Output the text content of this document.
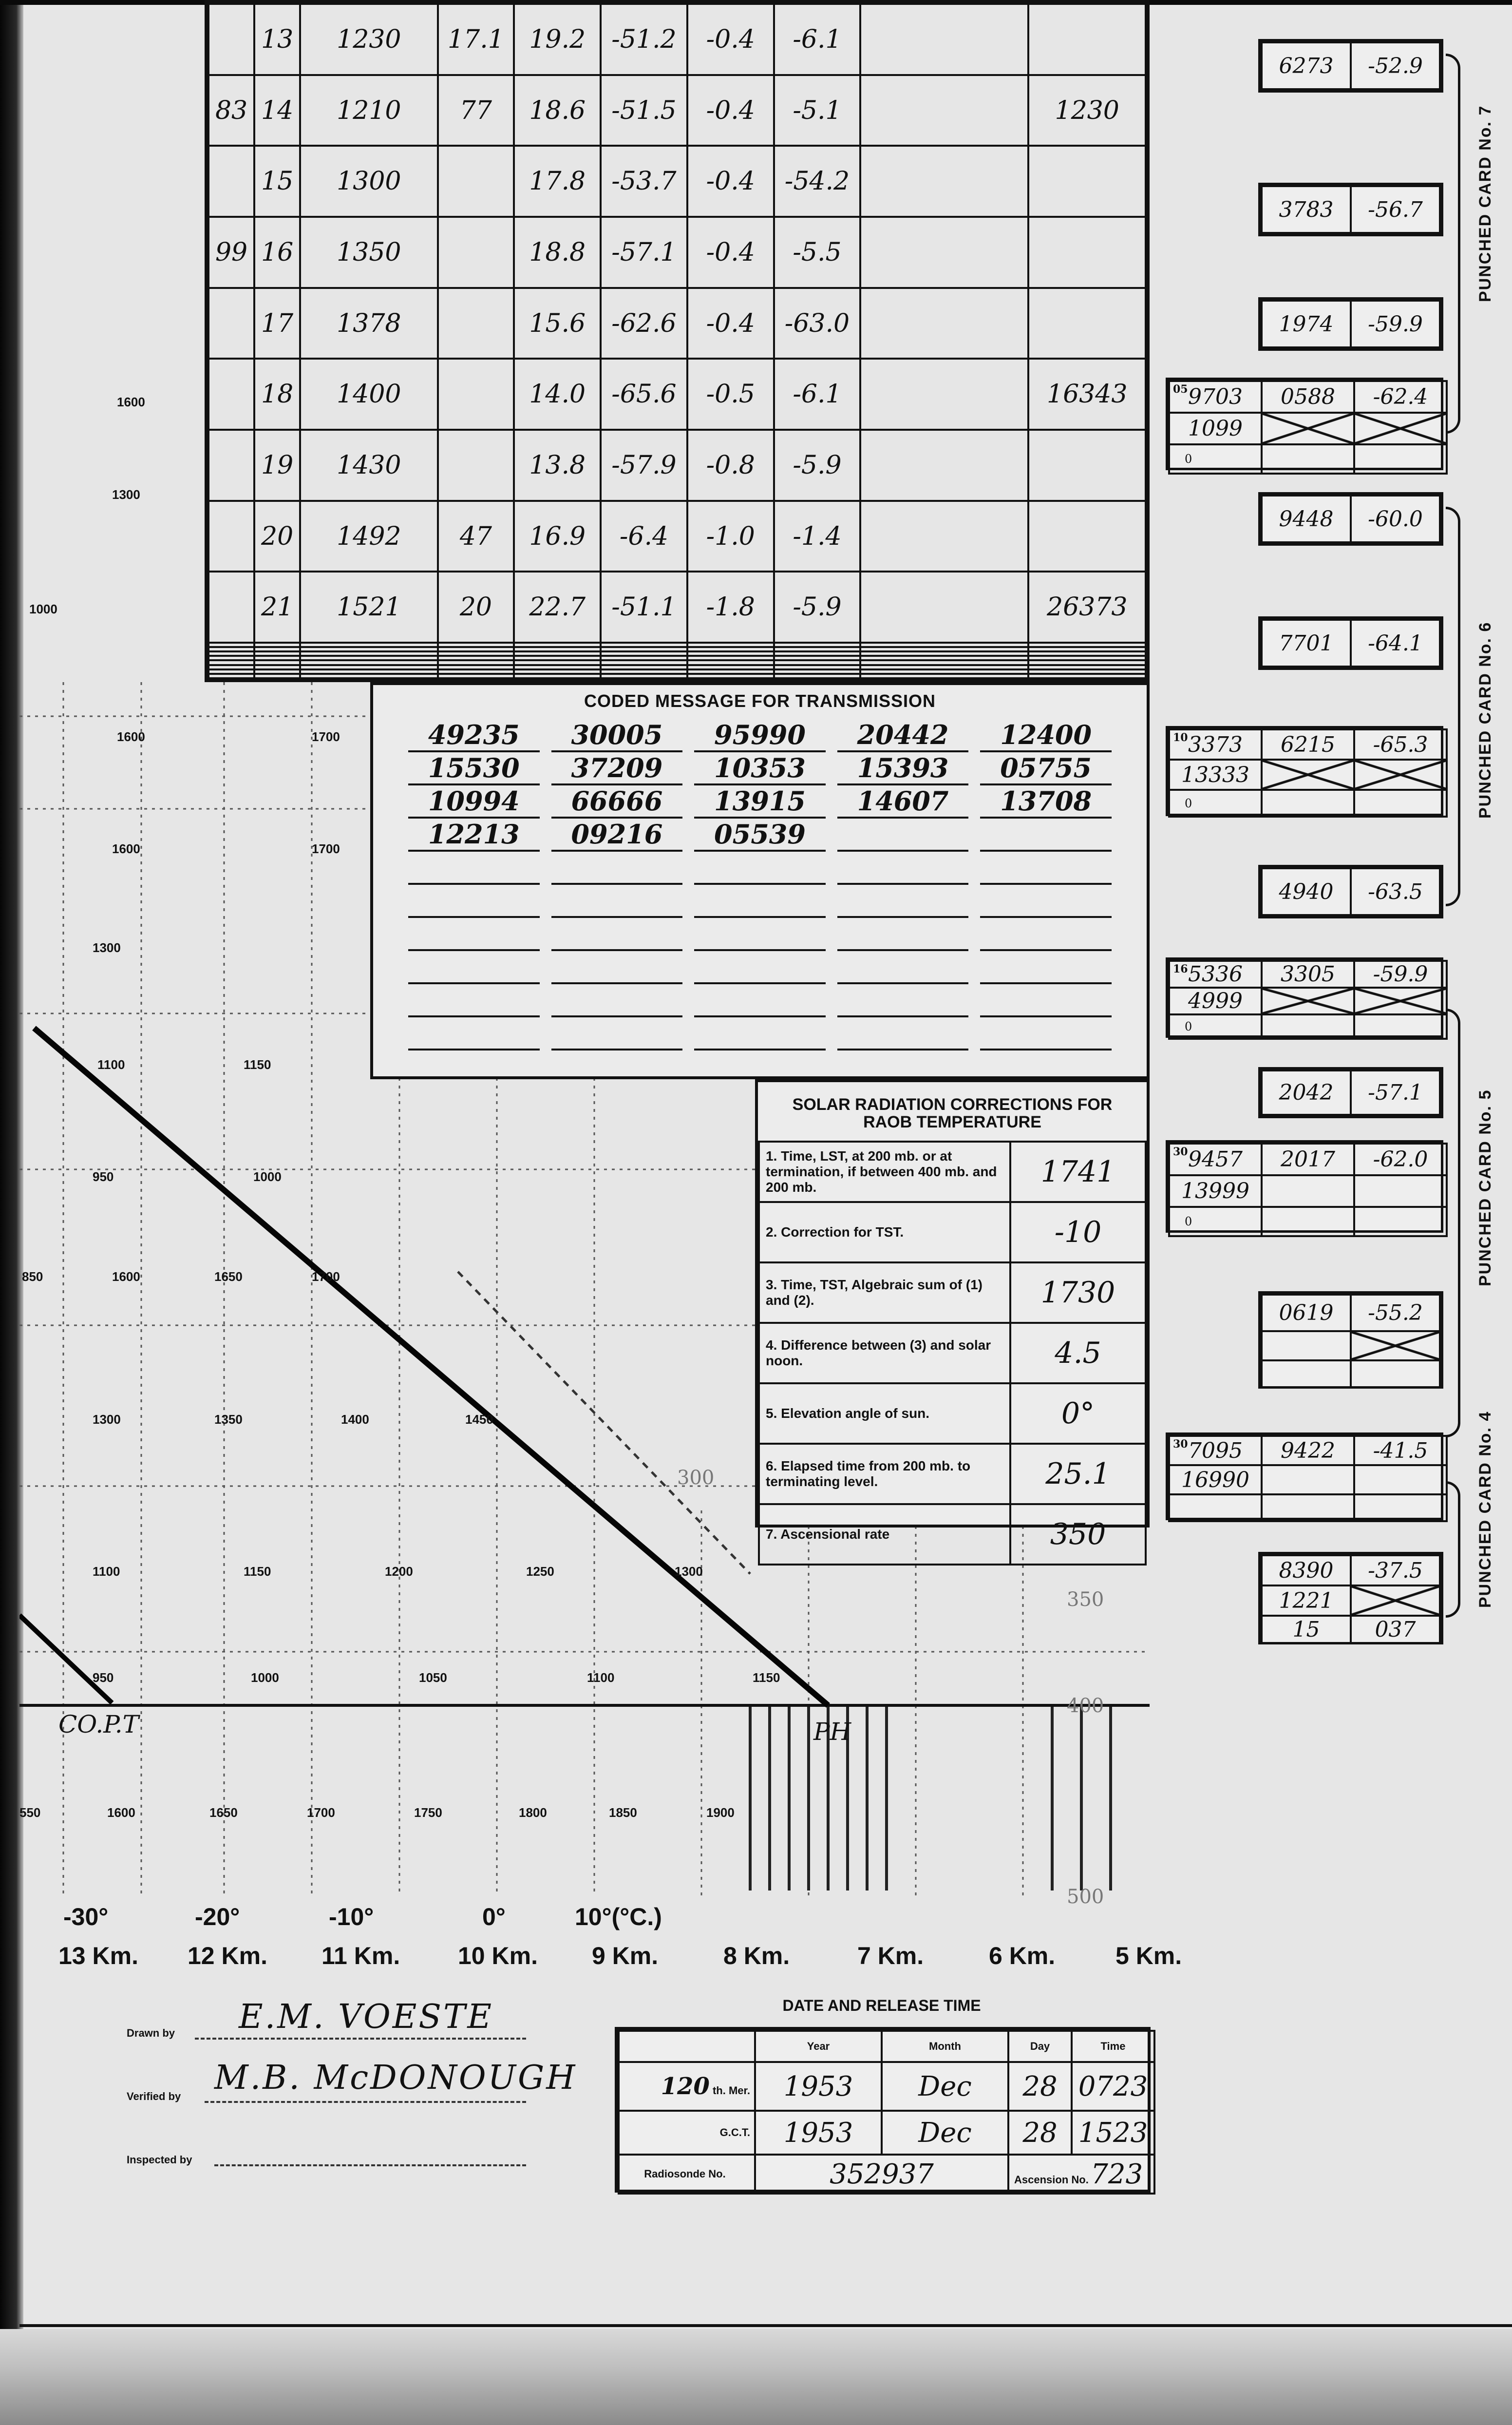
1600
1300
1000
	13	1230	17.1	19.2	-51.2	-0.4	-6.1		
83	14	1210	77	18.6	-51.5	-0.4	-5.1		1230
	15	1300		17.8	-53.7	-0.4	-54.2		
99	16	1350		18.8	-57.1	-0.4	-5.5		
	17	1378		15.6	-62.6	-0.4	-63.0		
	18	1400		14.0	-65.6	-0.5	-6.1		16343
	19	1430		13.8	-57.9	-0.8	-5.9		
	20	1492	47	16.9	-6.4	-1.0	-1.4		
	21	1521	20	22.7	-51.1	-1.8	-5.9		26373

1600	1700
1600	1700
1300
1100	1150
950	1000
850	1600	1650	1700
1300	1350	1400	1450
1100	1150	1200	1250	1300
950	1000	1050	1100	1150
550	1600	1650	1700	1750	1800	1850	1900
300
350
400
500
CO.P.T	PH
CODED MESSAGE FOR TRANSMISSION
49235	30005	95990	20442	12400
15530	37209	10353	15393	05755
10994	66666	13915	14607	13708
12213	09216	05539
SOLAR RADIATION CORRECTIONS FOR
RAOB TEMPERATURE
1. Time, LST, at 200 mb. or at termination, if between 400 mb. and 200 mb.	1741
2. Correction for TST.	-10
3. Time, TST, Algebraic sum of (1) and (2).	1730
4. Difference between (3) and solar noon.	4.5
5. Elevation angle of sun.	0°
6. Elapsed time from 200 mb. to terminating level.	25.1
7. Ascensional rate	350
6273	-52.9
3783	-56.7
1974	-59.9
05 9703	0588	-62.4
1099		
0		
PUNCHED CARD No. 7
9448	-60.0
7701	-64.1
10 3373	6215	-65.3
13333		
0		
4940	-63.5
PUNCHED CARD No. 6
16 5336	3305	-59.9
4999		
0		
2042	-57.1
30 9457	2017	-62.0
13999		
0		
0619	-55.2

PUNCHED CARD No. 5
30 7095	9422	-41.5
16990		

8390	-37.5
1221	
15	037
PUNCHED CARD No. 4
-30°	-20°	-10°	0°	10°(°C.)
13 Km. 12 Km. 11 Km. 10 Km. 9 Km.	8 Km.	7 Km.	6 Km. 5 Km.
Drawn by E.M. VOESTE
Verified by M.B. McDONOUGH
Inspected by
DATE AND RELEASE TIME
	Year	Month	Day	Time
120 th. Mer.	1953	Dec	28	0723
G.C.T.	1953	Dec	28	1523
Radiosonde No.	352937		Ascension No. 723	
